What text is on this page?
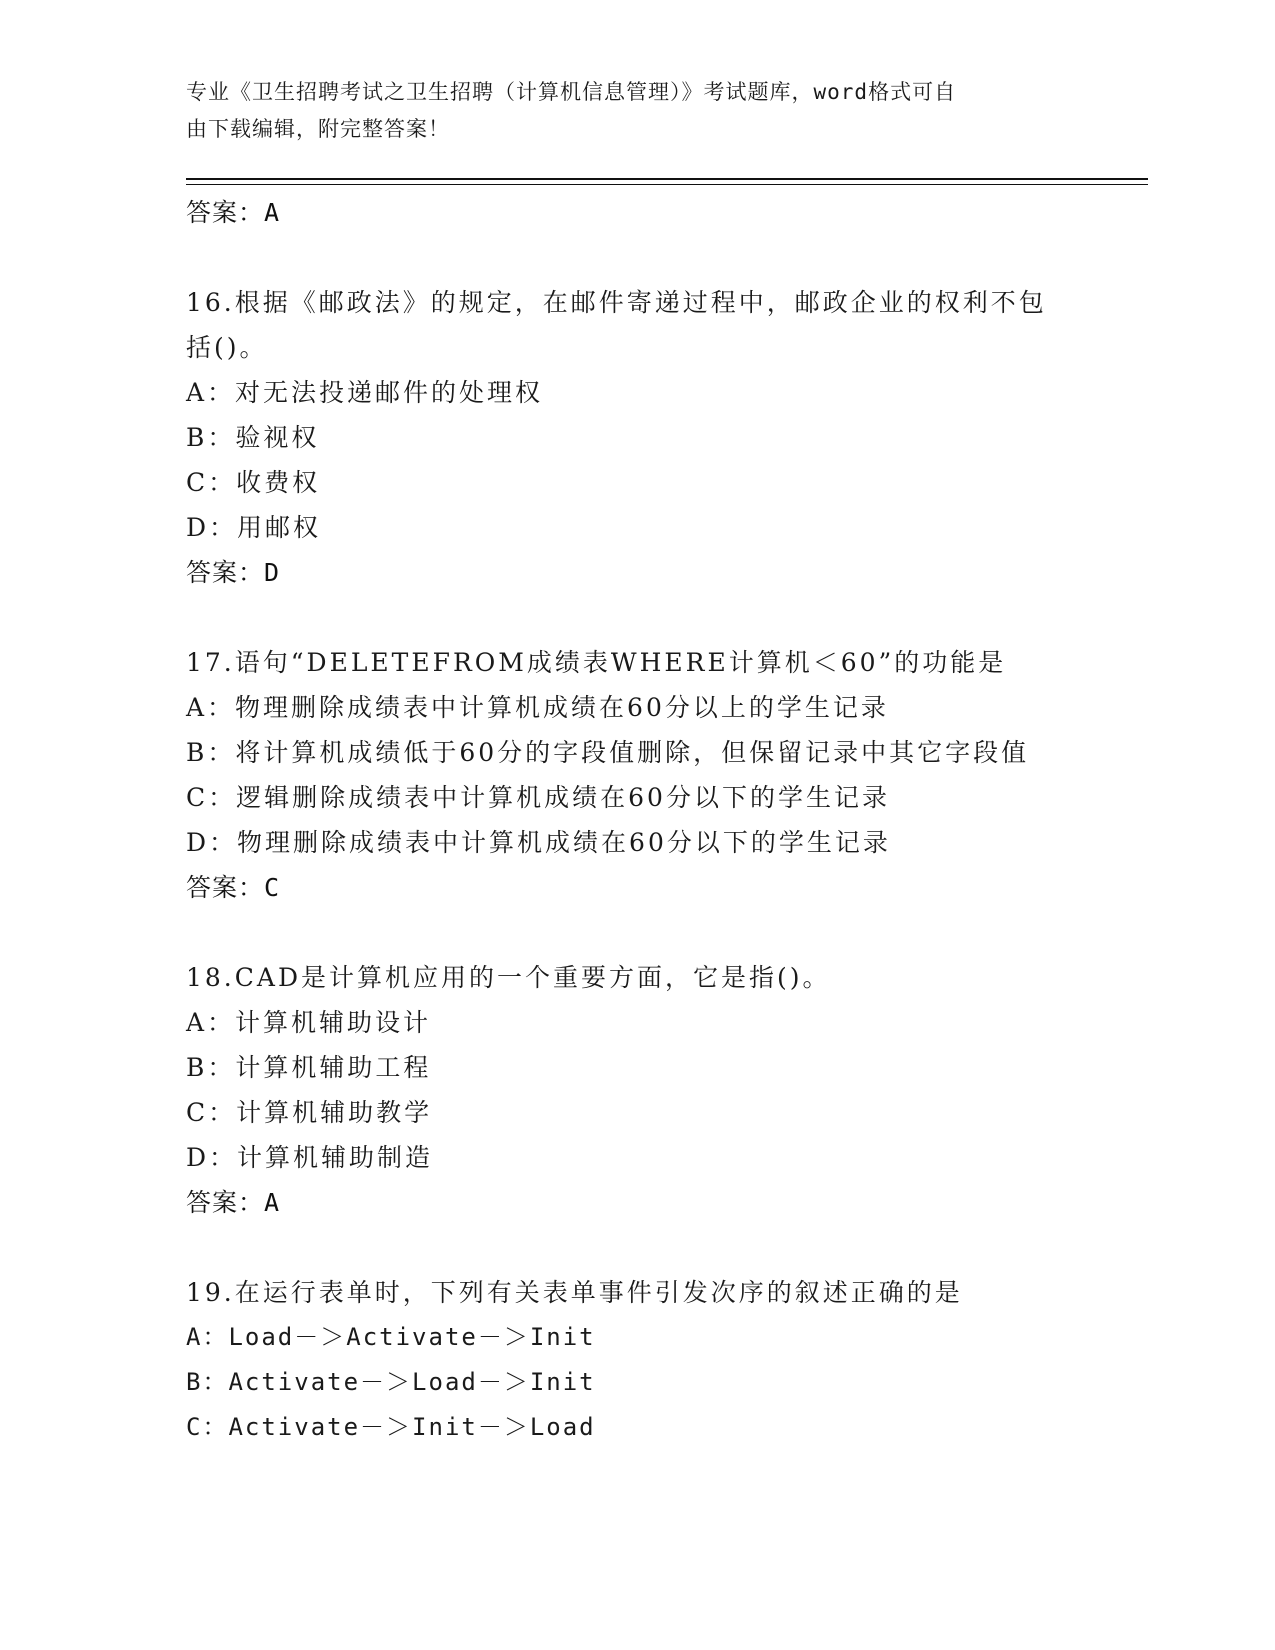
专业《卫生招聘考试之卫生招聘（计算机信息管理）》考试题库，word格式可自
由下载编辑，附完整答案！
答案：A
16.根据《邮政法》的规定，在邮件寄递过程中，邮政企业的权利不包
括()。
A：对无法投递邮件的处理权
B：验视权
C：收费权
D：用邮权
答案：D
17.语句“DELETEFROM成绩表WHERE计算机＜60”的功能是
A：物理删除成绩表中计算机成绩在60分以上的学生记录
B：将计算机成绩低于60分的字段值删除，但保留记录中其它字段值
C：逻辑删除成绩表中计算机成绩在60分以下的学生记录
D：物理删除成绩表中计算机成绩在60分以下的学生记录
答案：C
18.CAD是计算机应用的一个重要方面，它是指()。
A：计算机辅助设计
B：计算机辅助工程
C：计算机辅助教学
D：计算机辅助制造
答案：A
19.在运行表单时，下列有关表单事件引发次序的叙述正确的是
A：Load－＞Activate－＞Init
B：Activate－＞Load－＞Init
C：Activate－＞Init－＞Load
